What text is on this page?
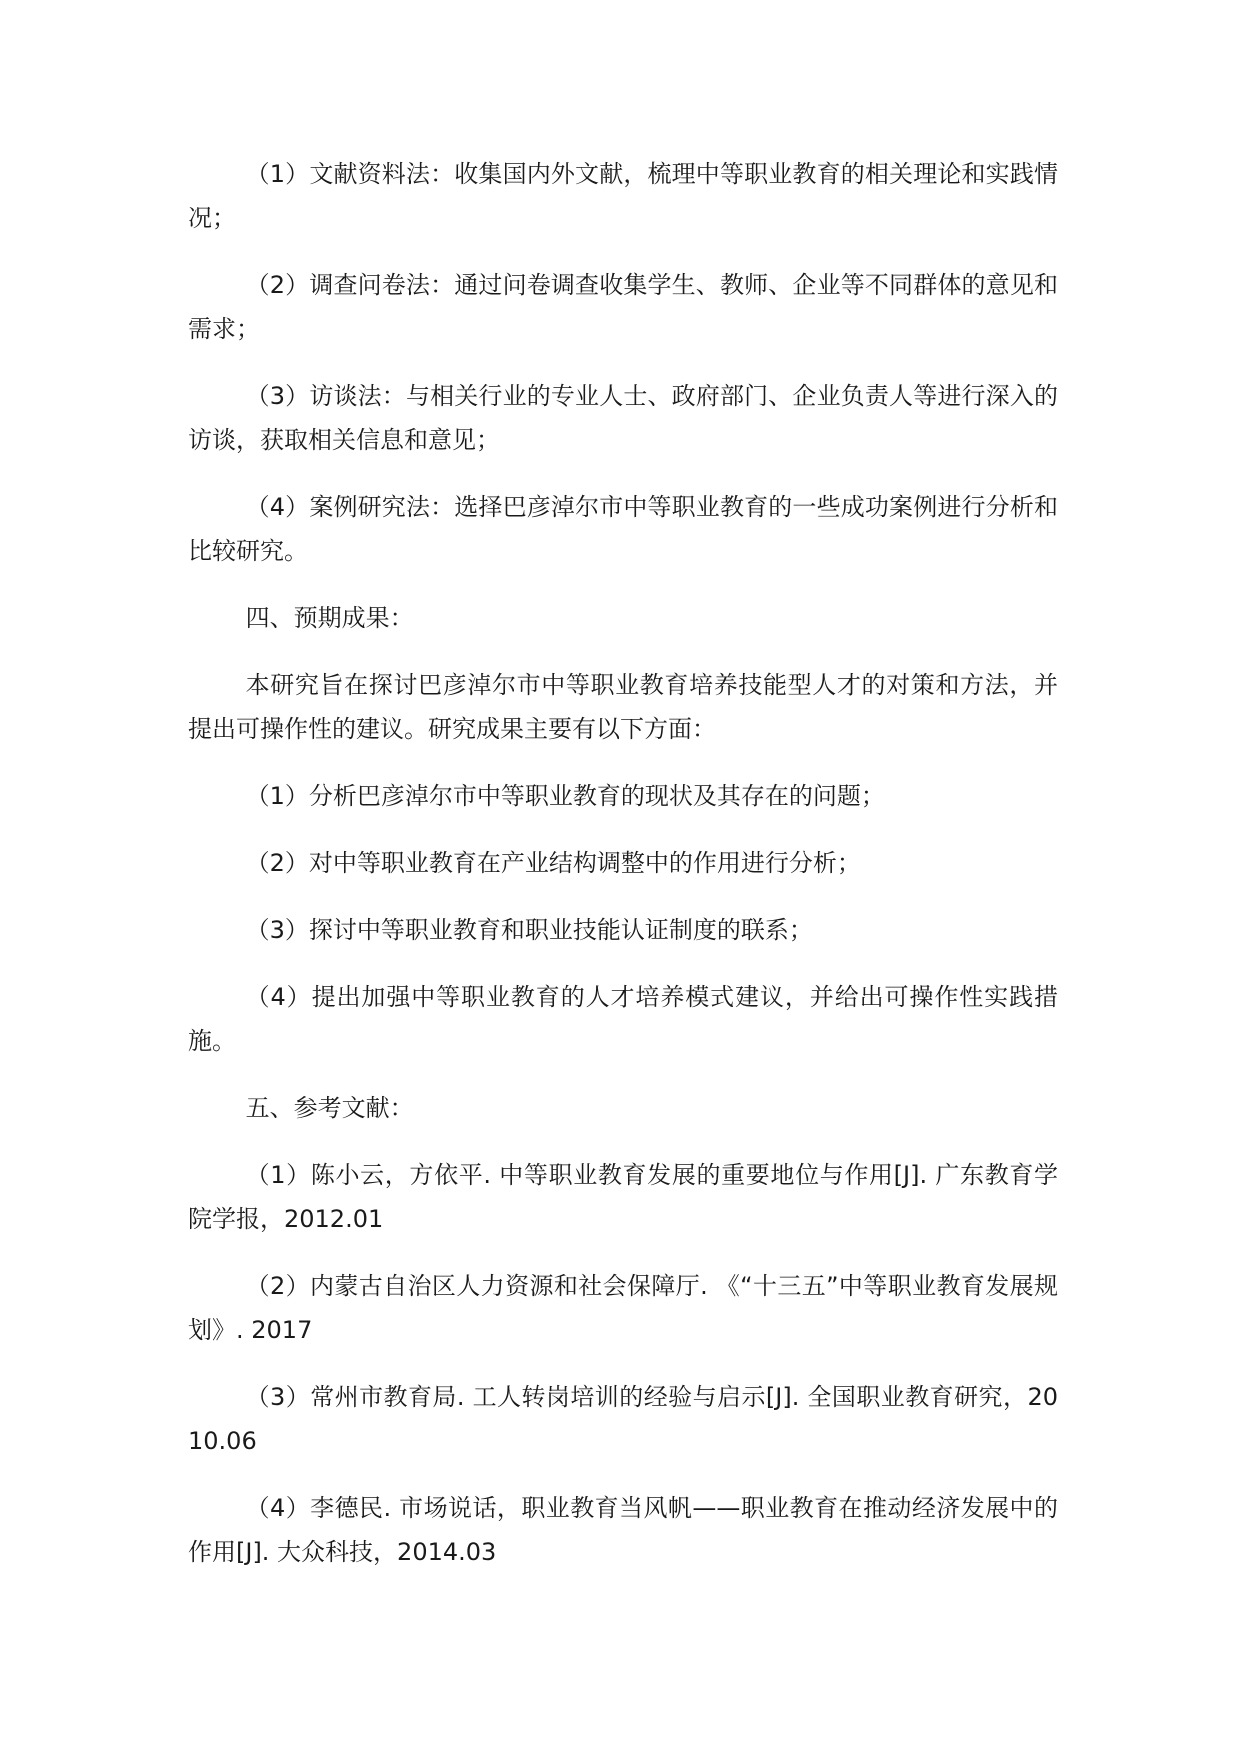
（1）文献资料法：收集国内外文献，梳理中等职业教育的相关理论和实践情况；

（2）调查问卷法：通过问卷调查收集学生、教师、企业等不同群体的意见和需求；

（3）访谈法：与相关行业的专业人士、政府部门、企业负责人等进行深入的访谈，获取相关信息和意见；

（4）案例研究法：选择巴彦淖尔市中等职业教育的一些成功案例进行分析和比较研究。

四、预期成果：

本研究旨在探讨巴彦淖尔市中等职业教育培养技能型人才的对策和方法，并提出可操作性的建议。研究成果主要有以下方面：

（1）分析巴彦淖尔市中等职业教育的现状及其存在的问题；

（2）对中等职业教育在产业结构调整中的作用进行分析；

（3）探讨中等职业教育和职业技能认证制度的联系；

（4）提出加强中等职业教育的人才培养模式建议，并给出可操作性实践措施。

五、参考文献：

（1）陈小云，方依平. 中等职业教育发展的重要地位与作用[J]. 广东教育学院学报，2012.01

（2）内蒙古自治区人力资源和社会保障厅. 《“十三五”中等职业教育发展规划》. 2017

（3）常州市教育局. 工人转岗培训的经验与启示[J]. 全国职业教育研究，2010.06

（4）李德民. 市场说话，职业教育当风帆——职业教育在推动经济发展中的作用[J]. 大众科技，2014.03
